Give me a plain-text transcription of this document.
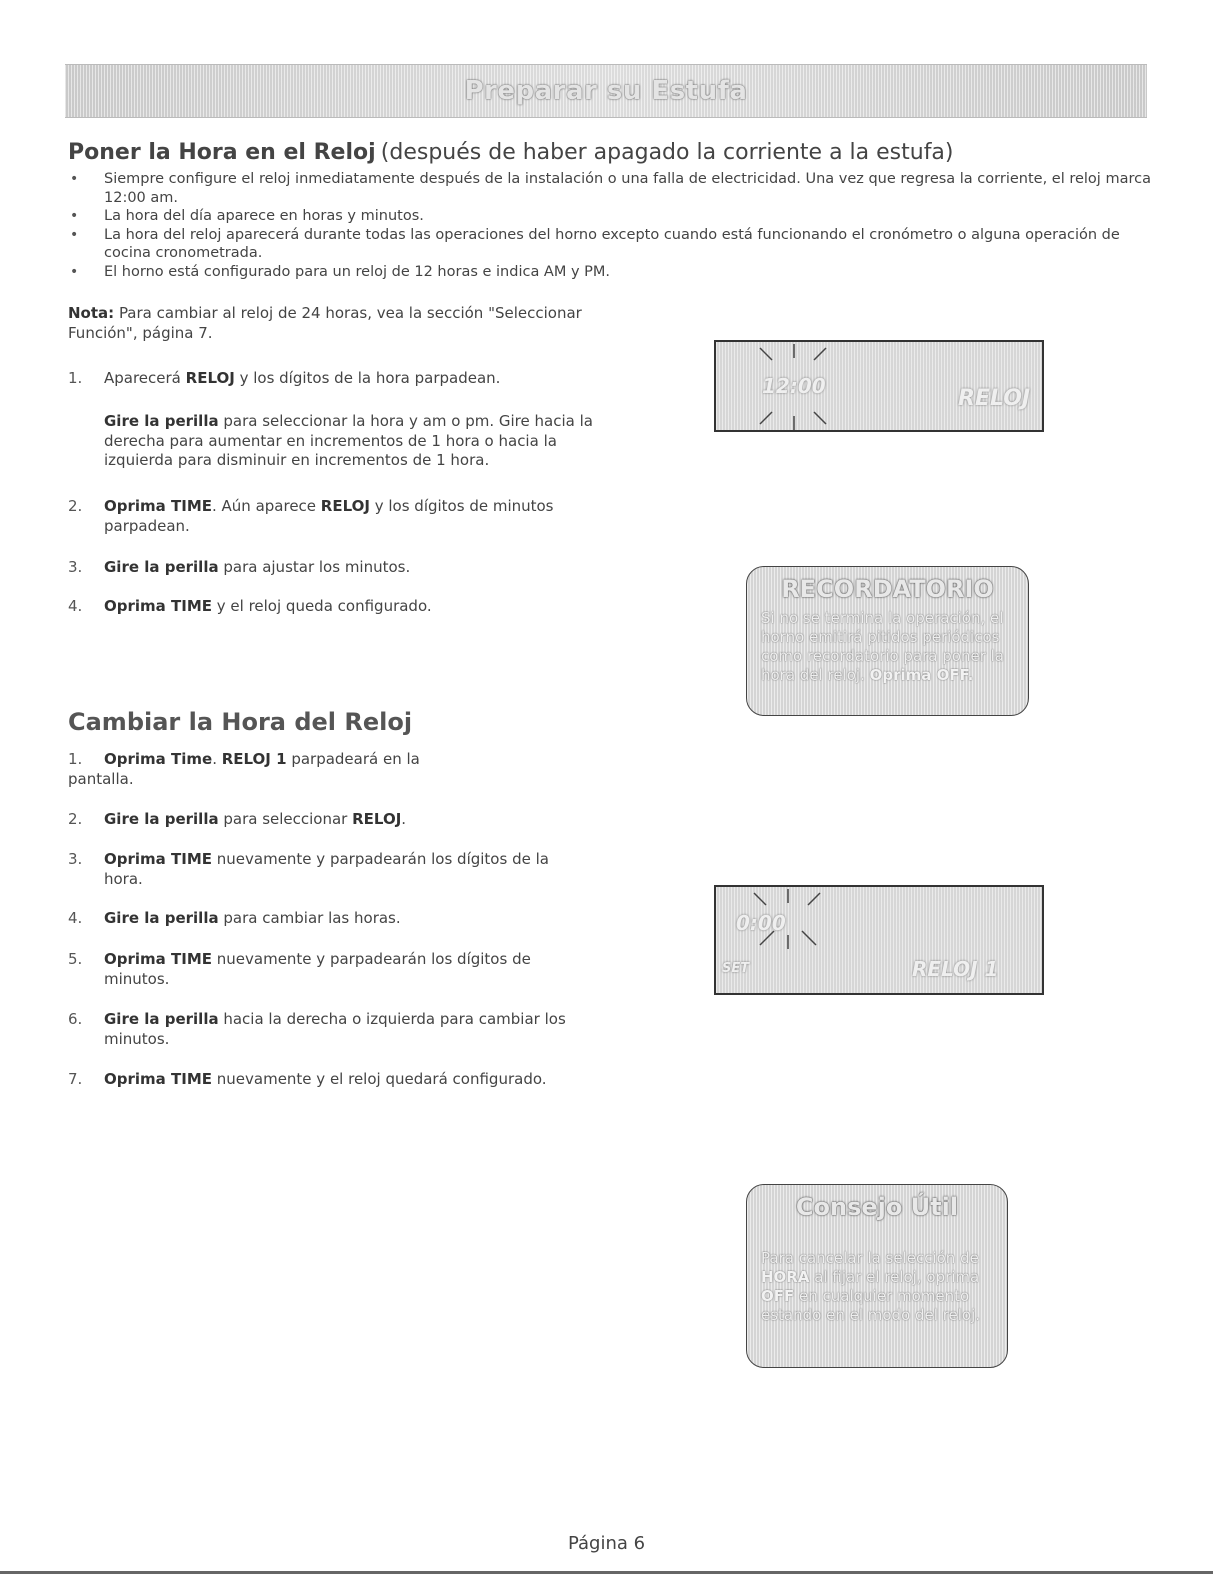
Preparar su Estufa
Poner la Hora en el Reloj (después de haber apagado la corriente a la estufa)
• Siempre configure el reloj inmediatamente después de la instalación o una falla de electricidad. Una vez que regresa la corriente, el reloj marca 12:00 am.
• La hora del día aparece en horas y minutos.
• La hora del reloj aparecerá durante todas las operaciones del horno excepto cuando está funcionando el cronómetro o alguna operación de cocina cronometrada.
• El horno está configurado para un reloj de 12 horas e indica AM y PM.
Nota: Para cambiar al reloj de 24 horas, vea la sección "Seleccionar Función", página 7.
1.	Aparecerá RELOJ y los dígitos de la hora parpadean.
Gire la perilla para seleccionar la hora y am o pm. Gire hacia la derecha para aumentar en incrementos de 1 hora o hacia la izquierda para disminuir en incrementos de 1 hora.
2.	Oprima TIME. Aún aparece RELOJ y los dígitos de minutos parpadean.
3.	Gire la perilla para ajustar los minutos.
4.	Oprima TIME y el reloj queda configurado.
12:00	RELOJ
RECORDATORIO
Si no se termina la operación, el horno emitirá pitidos periódicos como recordatorio para poner la hora del reloj. Oprima OFF.
Cambiar la Hora del Reloj
1.	Oprima Time. RELOJ 1 parpadeará en la pantalla.
2.	Gire la perilla para seleccionar RELOJ.
3.	Oprima TIME nuevamente y parpadearán los dígitos de la hora.
4.	Gire la perilla para cambiar las horas.
5.	Oprima TIME nuevamente y parpadearán los dígitos de minutos.
6.	Gire la perilla hacia la derecha o izquierda para cambiar los minutos.
7.	Oprima TIME nuevamente y el reloj quedará configurado.
0:00
SET	RELOJ 1
Consejo Útil
Para cancelar la selección de HORA al fijar el reloj, oprima OFF en cualquier momento estando en el modo del reloj.
Página 6
